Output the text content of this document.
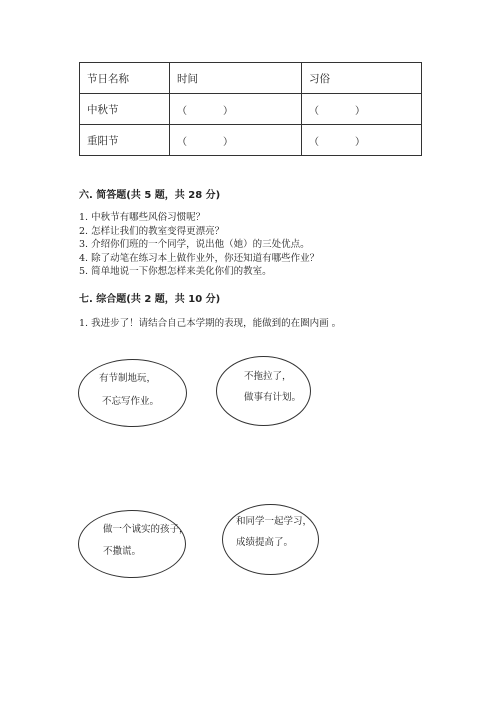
节日名称	时间	习俗
中秋节	（ ）	（ ）
重阳节	（ ）	（ ）
六. 简答题(共 5 题，共 28 分)
1. 中秋节有哪些风俗习惯呢？
2. 怎样让我们的教室变得更漂亮？
3. 介绍你们班的一个同学，说出他（她）的三处优点。
4. 除了动笔在练习本上做作业外，你还知道有哪些作业？
5. 简单地说一下你想怎样来美化你们的教室。
七. 综合题(共 2 题，共 10 分)

1. 我进步了！请结合自己本学期的表现，能做到的在圈内画 。

有节制地玩，
不忘写作业。
不拖拉了，
做事有计划。
做一个诚实的孩子，
不撒谎。
和同学一起学习，
成绩提高了。
